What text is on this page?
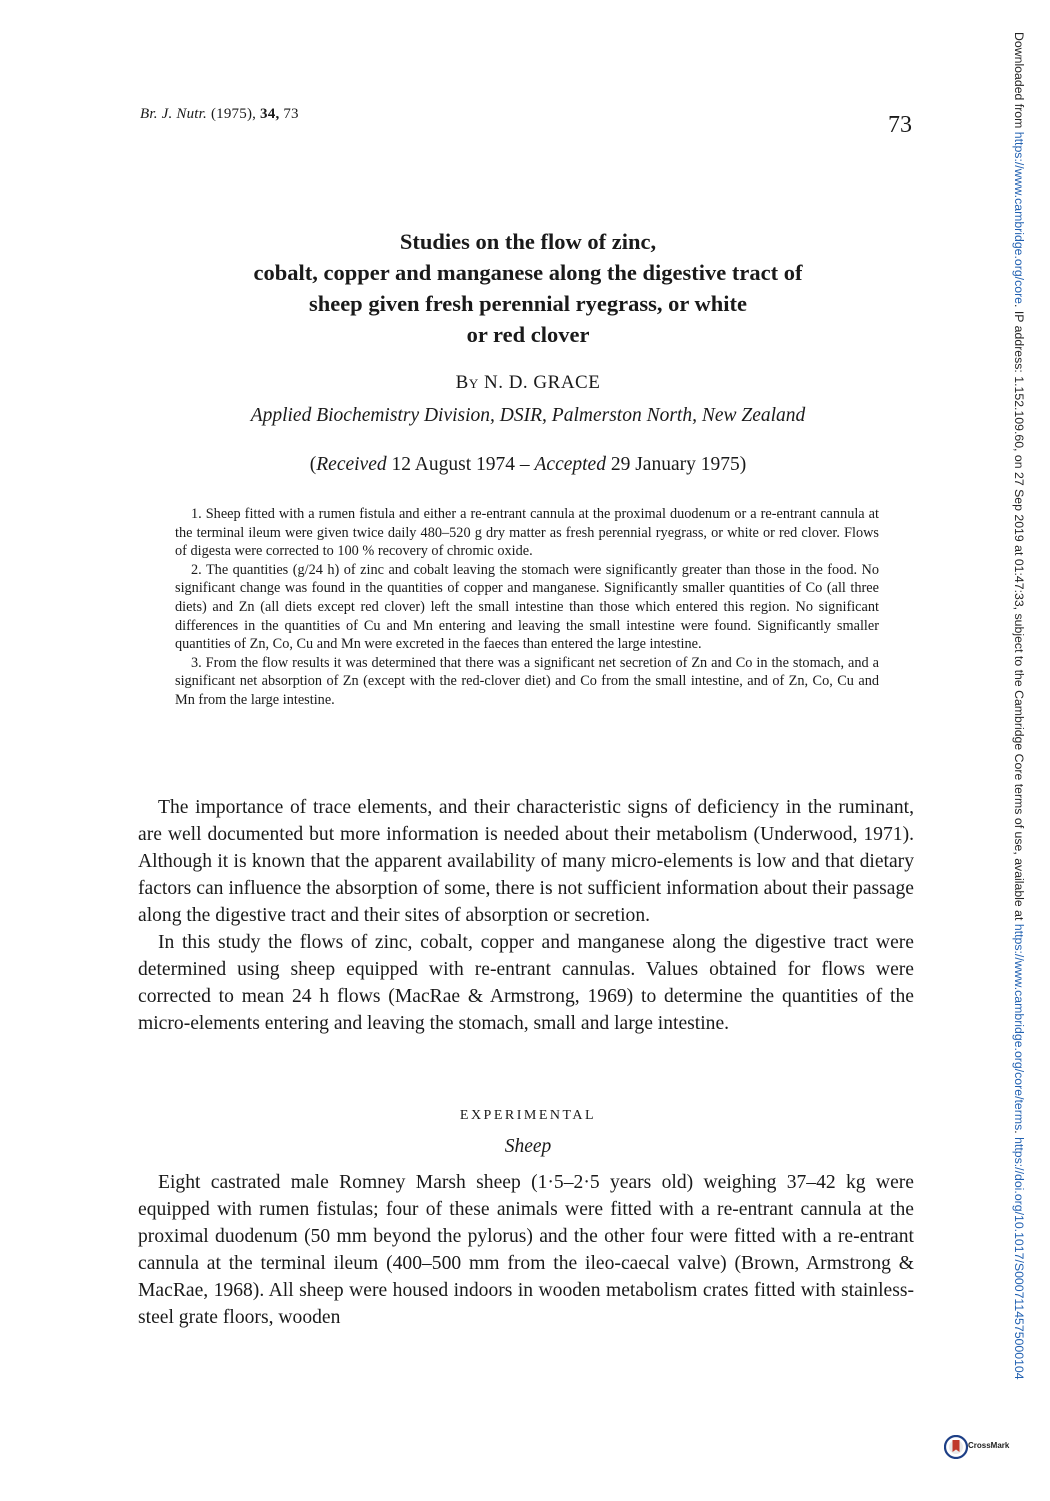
Br. J. Nutr. (1975), 34, 73	73
Studies on the flow of zinc,
cobalt, copper and manganese along the digestive tract of
sheep given fresh perennial ryegrass, or white
or red clover
By N. D. GRACE
Applied Biochemistry Division, DSIR, Palmerston North, New Zealand
(Received 12 August 1974 – Accepted 29 January 1975)

1. Sheep fitted with a rumen fistula and either a re-entrant cannula at the proximal duodenum or a re-entrant cannula at the terminal ileum were given twice daily 480–520 g dry matter as fresh perennial ryegrass, or white or red clover. Flows of digesta were corrected to 100 % recovery of chromic oxide.

2. The quantities (g/24 h) of zinc and cobalt leaving the stomach were significantly greater than those in the food. No significant change was found in the quantities of copper and manganese. Significantly smaller quantities of Co (all three diets) and Zn (all diets except red clover) left the small intestine than those which entered this region. No significant differences in the quantities of Cu and Mn entering and leaving the small intestine were found. Significantly smaller quantities of Zn, Co, Cu and Mn were excreted in the faeces than entered the large intestine.

3. From the flow results it was determined that there was a significant net secretion of Zn and Co in the stomach, and a significant net absorption of Zn (except with the red-clover diet) and Co from the small intestine, and of Zn, Co, Cu and Mn from the large intestine.

The importance of trace elements, and their characteristic signs of deficiency in the ruminant, are well documented but more information is needed about their metabolism (Underwood, 1971). Although it is known that the apparent availability of many micro-elements is low and that dietary factors can influence the absorption of some, there is not sufficient information about their passage along the digestive tract and their sites of absorption or secretion.

In this study the flows of zinc, cobalt, copper and manganese along the digestive tract were determined using sheep equipped with re-entrant cannulas. Values obtained for flows were corrected to mean 24 h flows (MacRae & Armstrong, 1969) to determine the quantities of the micro-elements entering and leaving the stomach, small and large intestine.

EXPERIMENTAL
Sheep

Eight castrated male Romney Marsh sheep (1·5–2·5 years old) weighing 37–42 kg were equipped with rumen fistulas; four of these animals were fitted with a re-entrant cannula at the proximal duodenum (50 mm beyond the pylorus) and the other four were fitted with a re-entrant cannula at the terminal ileum (400–500 mm from the ileo-caecal valve) (Brown, Armstrong & MacRae, 1968). All sheep were housed indoors in wooden metabolism crates fitted with stainless-steel grate floors, wooden

Downloaded from https://www.cambridge.org/core. IP address: 1.152.109.60, on 27 Sep 2019 at 01:47:33, subject to the Cambridge Core terms of use, available at https://www.cambridge.org/core/terms. https://doi.org/10.1017/S0007114575000104
CrossMark
